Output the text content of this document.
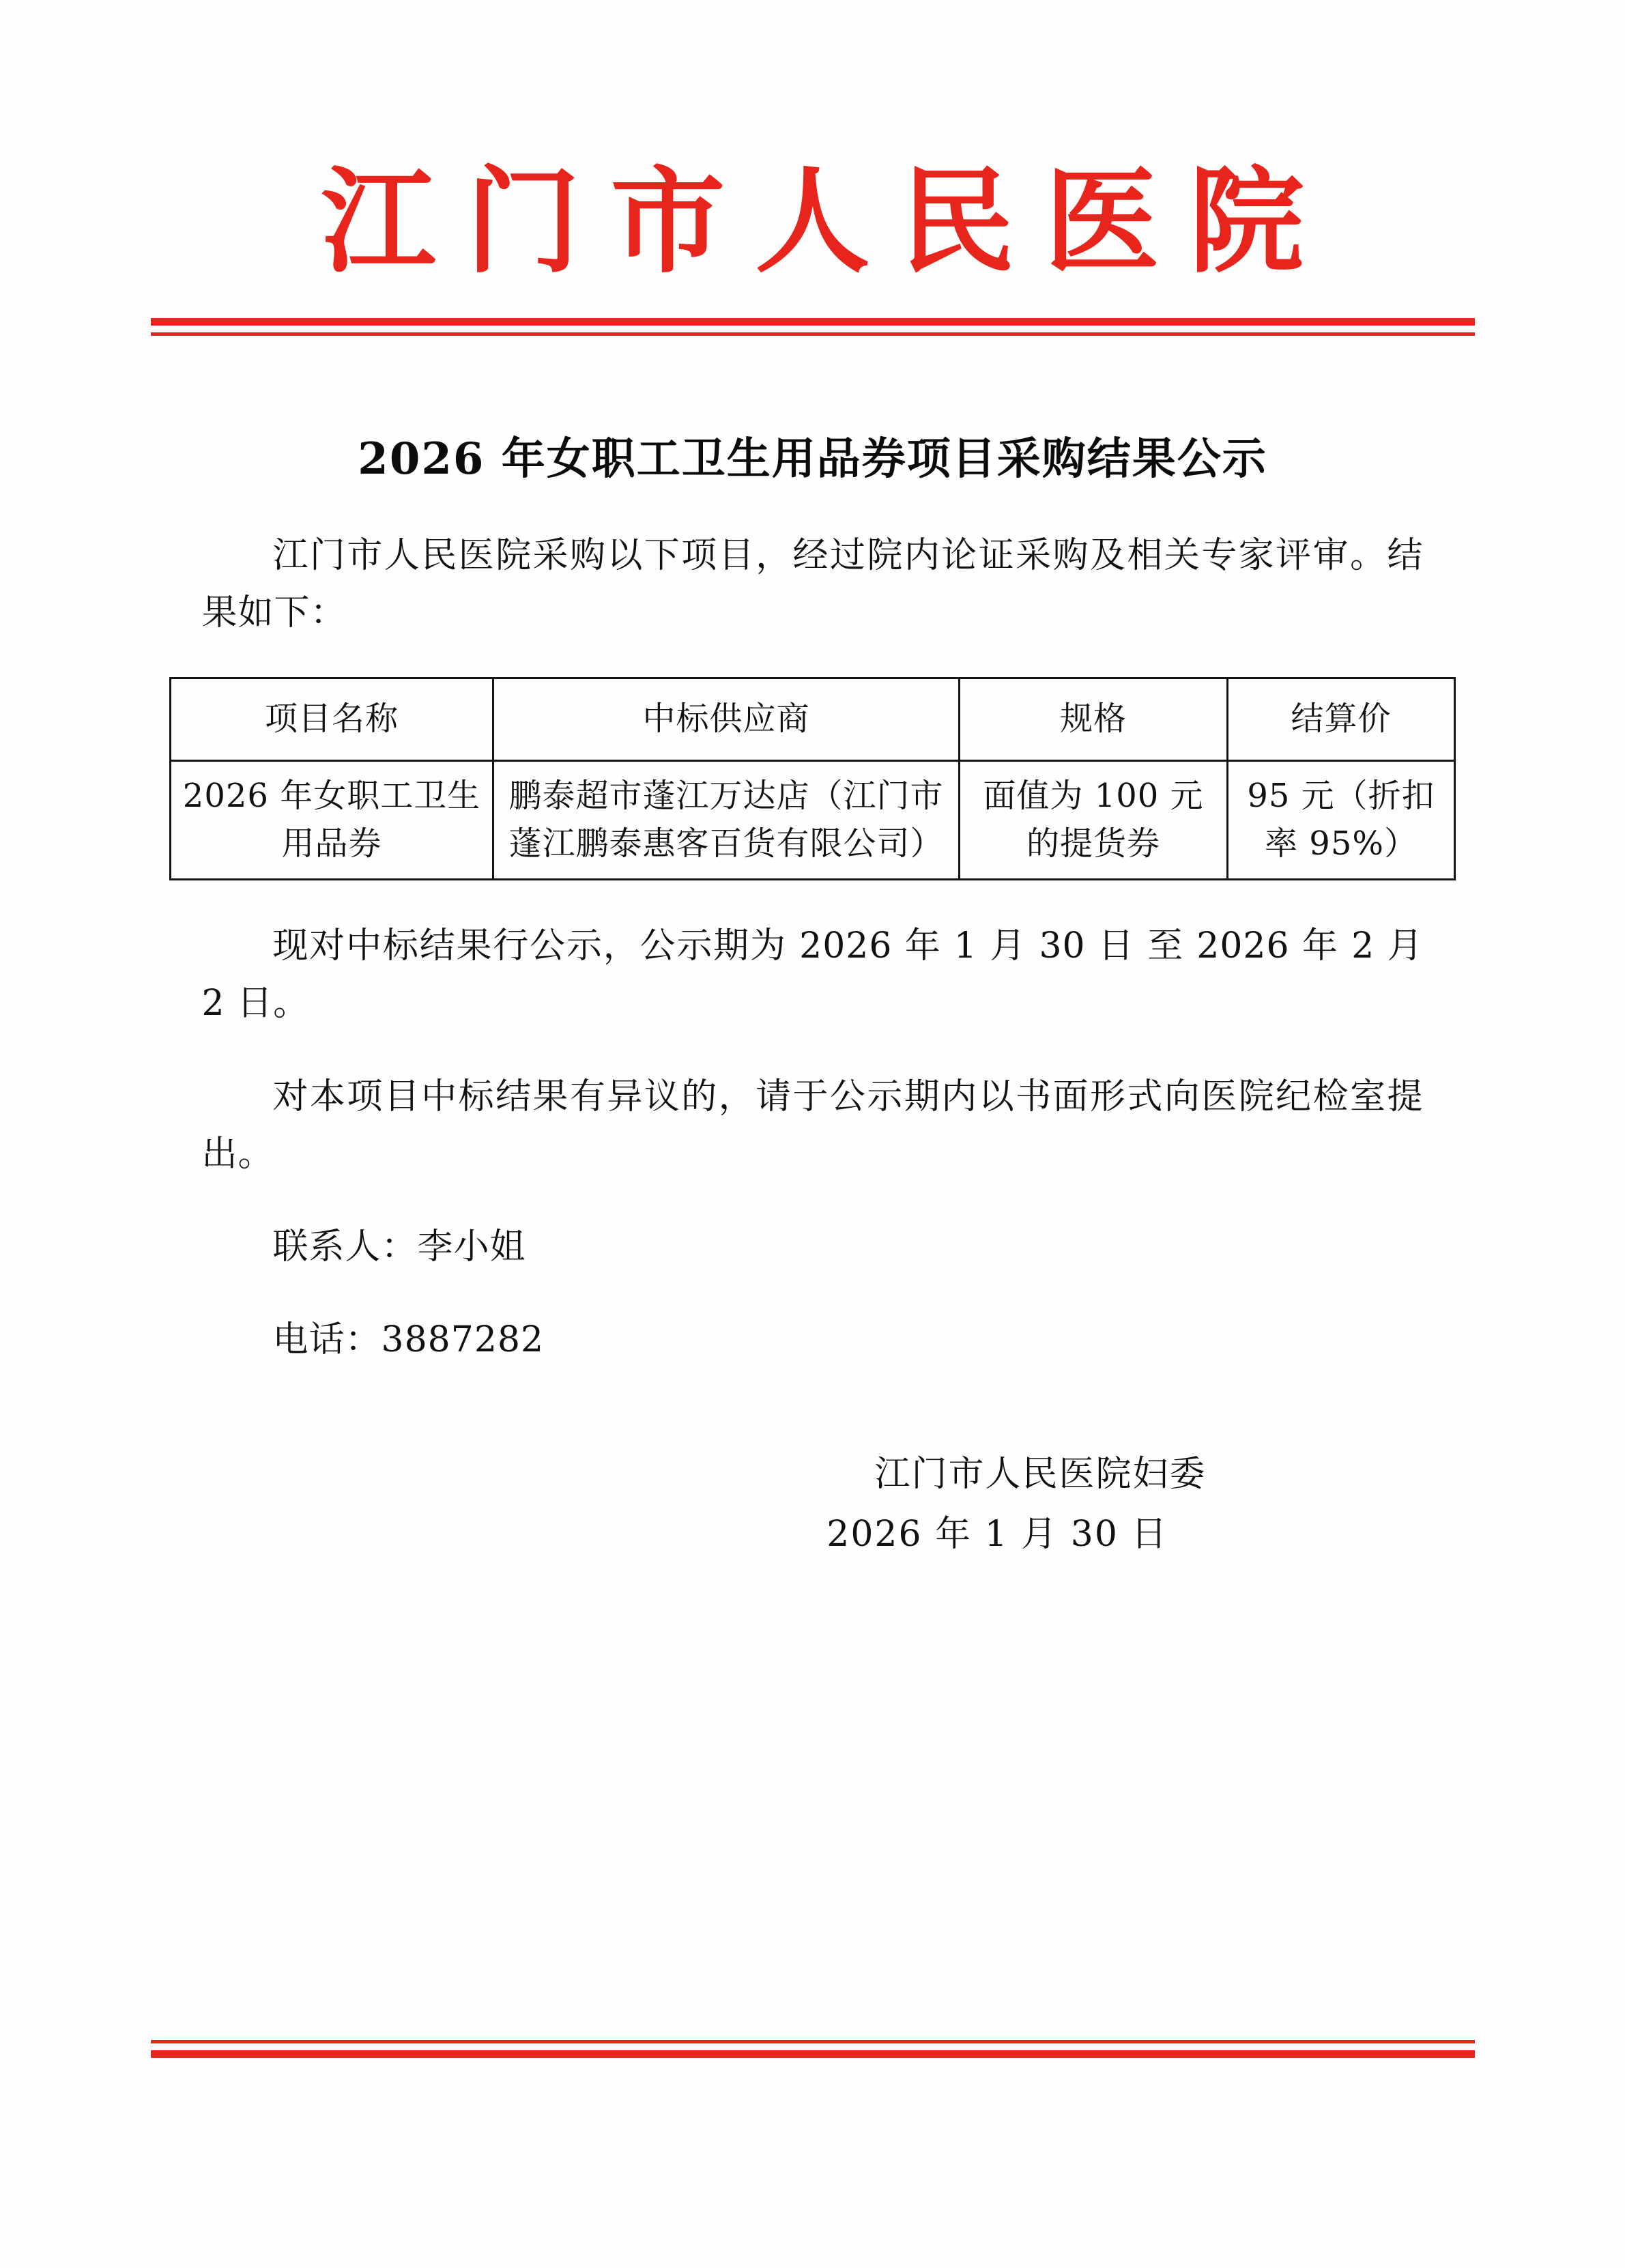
江门市人民医院
2026 年女职工卫生用品券项目采购结果公示

江门市人民医院采购以下项目，经过院内论证采购及相关专家评审。结果如下：

项目名称	中标供应商	规格	结算价
2026 年女职工卫生用品券	鹏泰超市蓬江万达店（江门市蓬江鹏泰惠客百货有限公司）	面值为 100 元的提货券	95 元（折扣率 95%）

现对中标结果行公示，公示期为 2026 年 1 月 30 日 至 2026 年 2 月 2 日。

对本项目中标结果有异议的，请于公示期内以书面形式向医院纪检室提出。

联系人：李小姐

电话：3887282

江门市人民医院妇委
2026 年 1 月 30 日
